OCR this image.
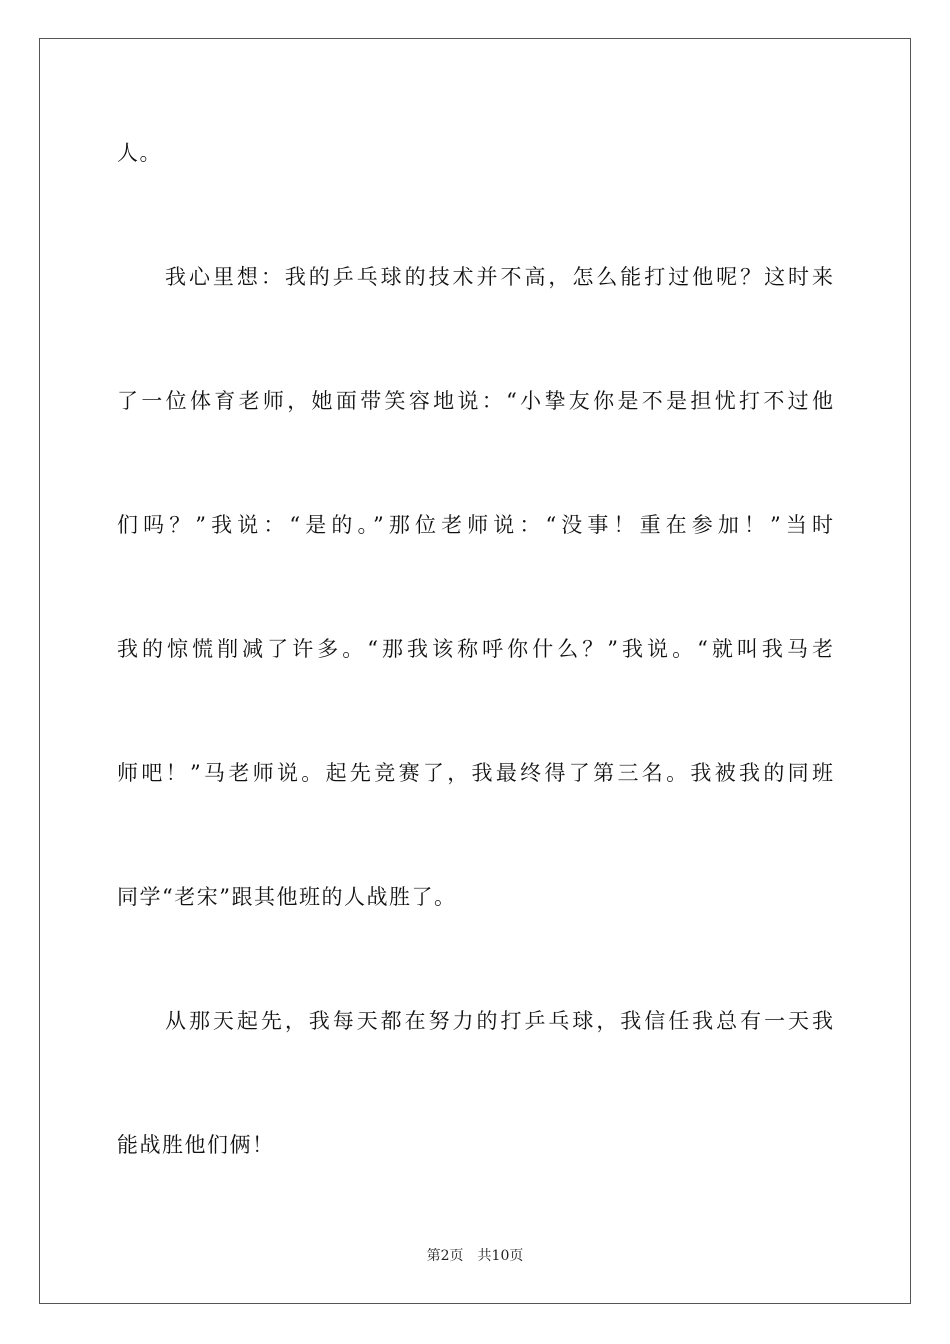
人。
我心里想：我的乒乓球的技术并不高，怎么能打过他呢？这时来
了一位体育老师，她面带笑容地说：“小挚友你是不是担忧打不过他
们吗？”我说：“是的。”那位老师说：“没事！重在参加！”当时
我的惊慌削减了许多。“那我该称呼你什么？”我说。“就叫我马老
师吧！”马老师说。起先竞赛了，我最终得了第三名。我被我的同班
同学“老宋”跟其他班的人战胜了。
从那天起先，我每天都在努力的打乒乓球，我信任我总有一天我
能战胜他们俩！
第2页 共10页
